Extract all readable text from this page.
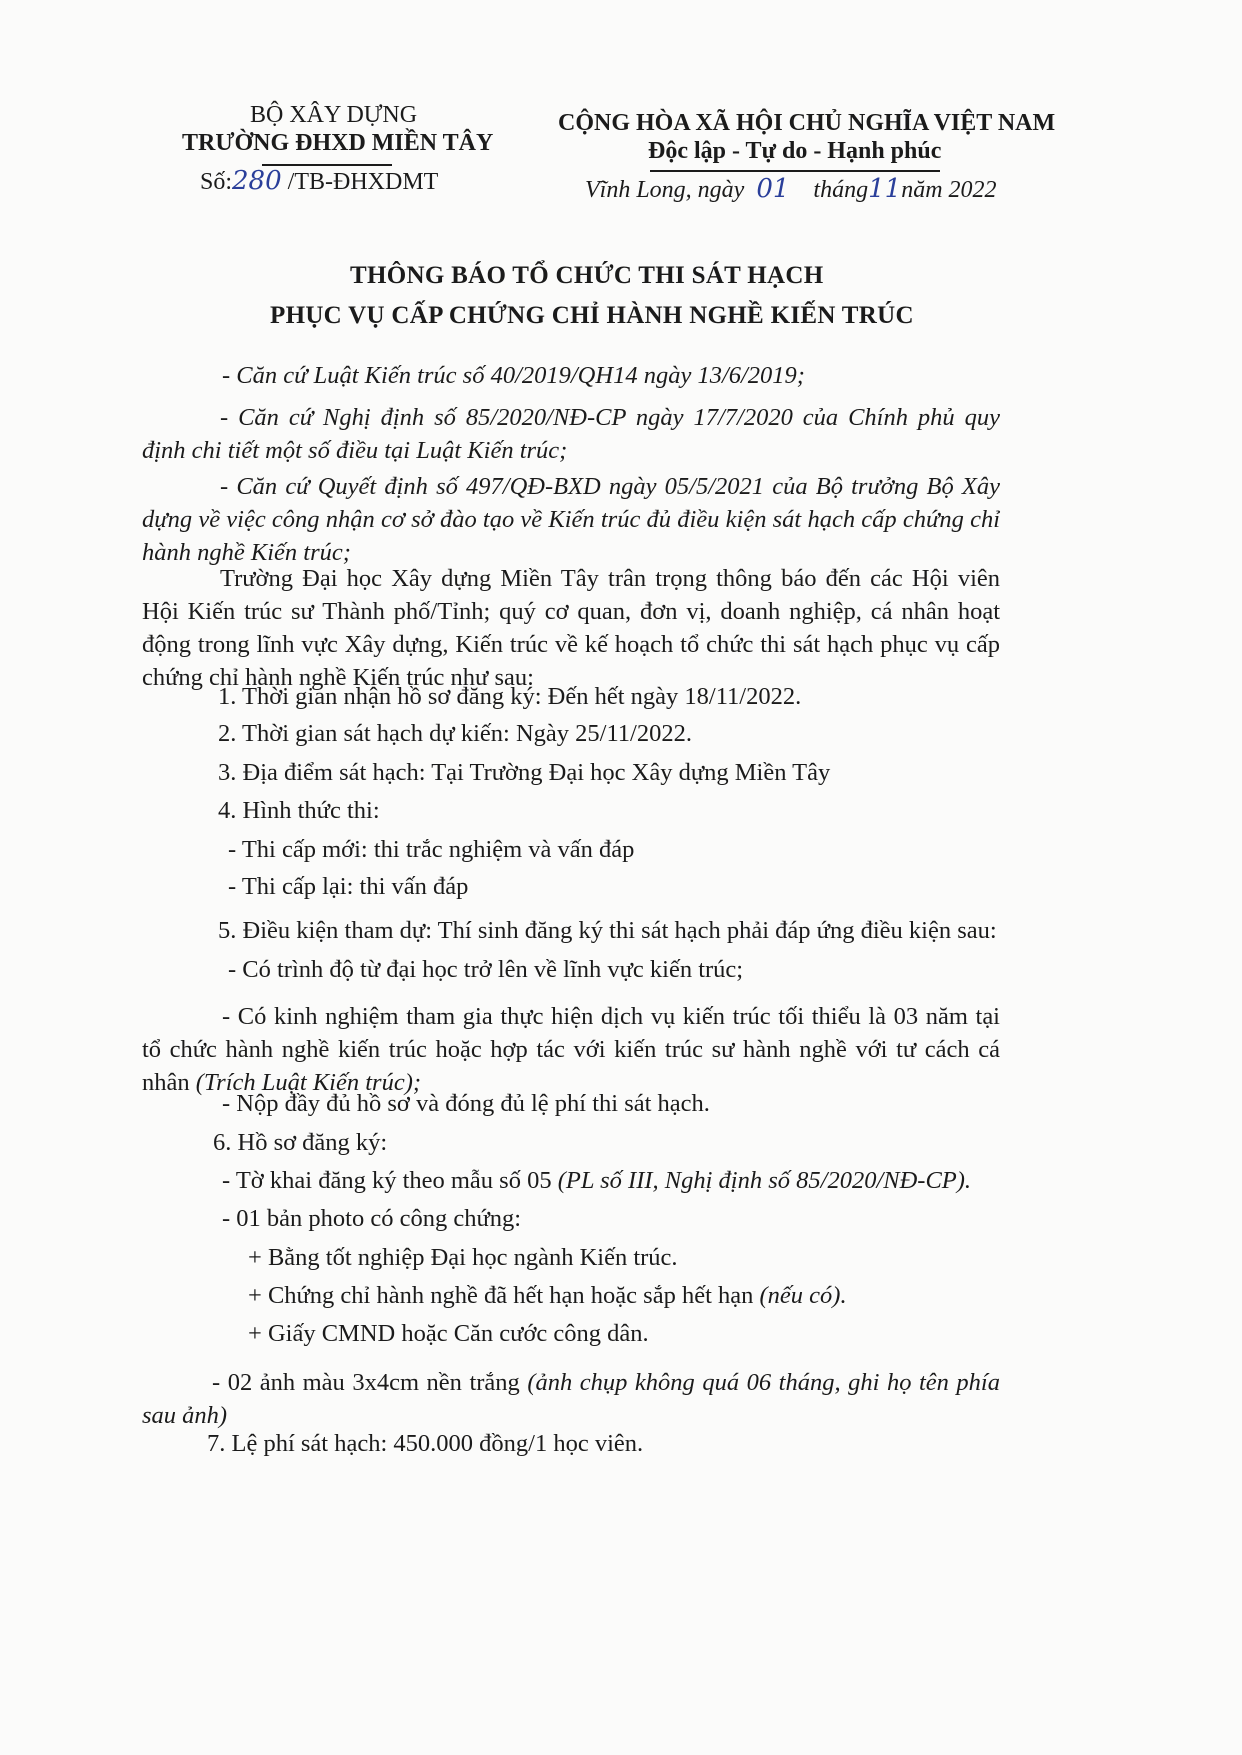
BỘ XÂY DỰNG
TRƯỜNG ĐHXD MIỀN TÂY
Số:280 /TB-ĐHXDMT
CỘNG HÒA XÃ HỘI CHỦ NGHĨA VIỆT NAM
Độc lập - Tự do - Hạnh phúc
Vĩnh Long, ngày 01 tháng11năm 2022
THÔNG BÁO TỔ CHỨC THI SÁT HẠCH
PHỤC VỤ CẤP CHỨNG CHỈ HÀNH NGHỀ KIẾN TRÚC
- Căn cứ Luật Kiến trúc số 40/2019/QH14 ngày 13/6/2019;
- Căn cứ Nghị định số 85/2020/NĐ-CP ngày 17/7/2020 của Chính phủ quy định chi tiết một số điều tại Luật Kiến trúc;
- Căn cứ Quyết định số 497/QĐ-BXD ngày 05/5/2021 của Bộ trưởng Bộ Xây dựng về việc công nhận cơ sở đào tạo về Kiến trúc đủ điều kiện sát hạch cấp chứng chỉ hành nghề Kiến trúc;
Trường Đại học Xây dựng Miền Tây trân trọng thông báo đến các Hội viên Hội Kiến trúc sư Thành phố/Tỉnh; quý cơ quan, đơn vị, doanh nghiệp, cá nhân hoạt động trong lĩnh vực Xây dựng, Kiến trúc về kế hoạch tổ chức thi sát hạch phục vụ cấp chứng chỉ hành nghề Kiến trúc như sau:
1. Thời gian nhận hồ sơ đăng ký: Đến hết ngày 18/11/2022.
2. Thời gian sát hạch dự kiến: Ngày 25/11/2022.
3. Địa điểm sát hạch: Tại Trường Đại học Xây dựng Miền Tây
4. Hình thức thi:
- Thi cấp mới: thi trắc nghiệm và vấn đáp
- Thi cấp lại: thi vấn đáp
5. Điều kiện tham dự: Thí sinh đăng ký thi sát hạch phải đáp ứng điều kiện sau:
- Có trình độ từ đại học trở lên về lĩnh vực kiến trúc;
- Có kinh nghiệm tham gia thực hiện dịch vụ kiến trúc tối thiểu là 03 năm tại tổ chức hành nghề kiến trúc hoặc hợp tác với kiến trúc sư hành nghề với tư cách cá nhân (Trích Luật Kiến trúc);
- Nộp đầy đủ hồ sơ và đóng đủ lệ phí thi sát hạch.
6. Hồ sơ đăng ký:
- Tờ khai đăng ký theo mẫu số 05 (PL số III, Nghị định số 85/2020/NĐ-CP).
- 01 bản photo có công chứng:
+ Bằng tốt nghiệp Đại học ngành Kiến trúc.
+ Chứng chỉ hành nghề đã hết hạn hoặc sắp hết hạn (nếu có).
+ Giấy CMND hoặc Căn cước công dân.
- 02 ảnh màu 3x4cm nền trắng (ảnh chụp không quá 06 tháng, ghi họ tên phía sau ảnh)
7. Lệ phí sát hạch: 450.000 đồng/1 học viên.
